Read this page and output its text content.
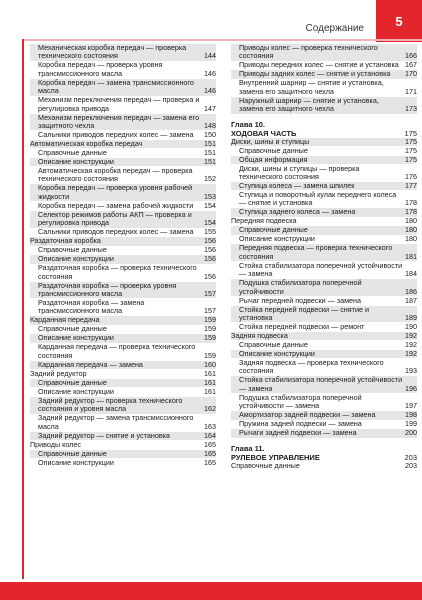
Содержание	5
Механическая коробка передач — проверка технического состояния	144
Коробка передач — проверка уровня трансмиссионного масла	146
Коробка передач — замена трансмиссионного масла	146
Механизм переключения передач — проверка и регулировка привода	147
Механизм переключения передач — замена его защитного чехла	148
Сальники приводов передних колес — замена	150
Автоматическая коробка передач	151
Справочные данные	151
Описание конструкции	151
Автоматическая коробка передач — проверка технического состояния	152
Коробка передач — проверка уровня рабочей жидкости	153
Коробка передач — замена рабочей жидкости	154
Селектор режимов работы АКП — проверка и регулировка привода	154
Сальники приводов передних колес — замена	155
Раздаточная коробка	156
Справочные данные	156
Описание конструкции	156
Раздаточная коробка — проверка технического состояния	156
Раздаточная коробка — проверка уровня трансмиссионного масла	157
Раздаточная коробка — замена трансмиссионного масла	157
Карданная передача	159
Справочные данные	159
Описание конструкции	159
Карданная передача — проверка технического состояния	159
Карданная передача — замена	160
Задний редуктор	161
Справочные данные	161
Описание конструкции	161
Задний редуктор — проверка технического состояния и уровня масла	162
Задний редуктор — замена трансмиссионного масла	163
Задний редуктор — снятие и установка	164
Приводы колес	165
Справочные данные	165
Описание конструкции	165
Приводы колес — проверка технического состояния	166
Приводы передних колес — снятие и установка 167
Приводы задних колес — снятие и установка	170
Внутренний шарнир — снятие и установка, замена его защитного чехла	171
Наружный шарнир — снятие и установка, замена его защитного чехла	173
Глава 10.
ХОДОВАЯ ЧАСТЬ	175
Диски, шины и ступицы	175
Справочные данные	175
Общая информация	175
Диски, шины и ступицы — проверка технического состояния	176
Ступица колеса — замена шпилек	177
Ступица и поворотный кулак переднего колеса — снятие и установка	178
Ступица заднего колеса — замена	178
Передняя подвеска	180
Справочные данные	180
Описание конструкции	180
Передняя подвеска — проверка технического состояния	181
Стойка стабилизатора поперечной устойчивости — замена	184
Подушка стабилизатора поперечной устойчивости	186
Рычаг передней подвески — замена	187
Стойка передней подвески — снятие и установка	189
Стойка передней подвески — ремонт	190
Задняя подвеска	192
Справочные данные	192
Описание конструкции	192
Задняя подвеска — проверка технического состояния	193
Стойка стабилизатора поперечной устойчивости — замена	196
Подушка стабилизатора поперечной устойчивости — замена	197
Амортизатор задней подвески — замена	198
Пружина задней подвески — замена	199
Рычаги задней подвески — замена	200
Глава 11.
РУЛЕВОЕ УПРАВЛЕНИЕ	203
Справочные данные	203
